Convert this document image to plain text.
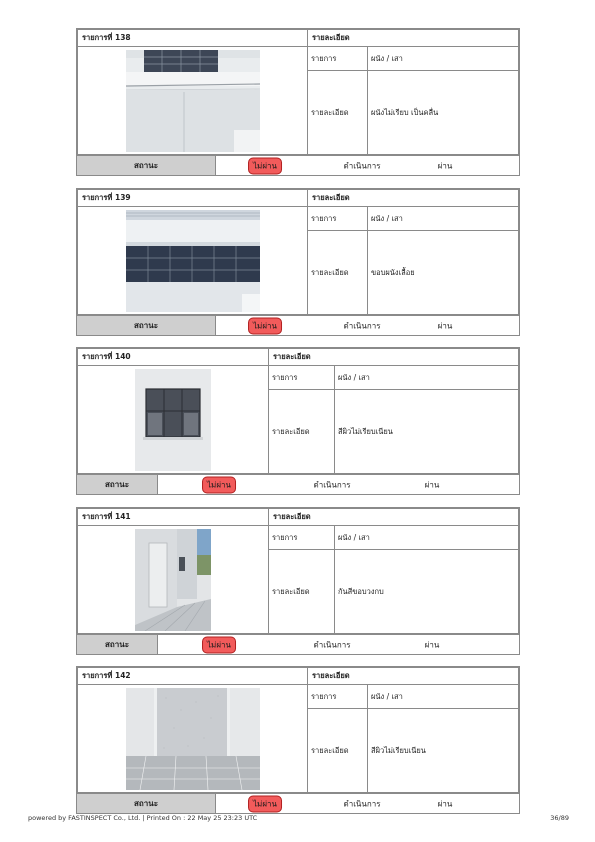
รายการที่ 138	รายละเอียด	

	รายการ	ผนัง / เสา
	รายละเอียด	ผนังไม่เรียบ เป็นคลื่น
สถานะ	ไม่ผ่าน	ดำเนินการ	ผ่าน
รายการที่ 139	รายละเอียด	

	รายการ	ผนัง / เสา
	รายละเอียด	ขอบผนังเลื้อย
สถานะ	ไม่ผ่าน	ดำเนินการ	ผ่าน
รายการที่ 140	รายละเอียด	

	รายการ	ผนัง / เสา
	รายละเอียด	สีผิวไม่เรียบเนียน
สถานะ	ไม่ผ่าน	ดำเนินการ	ผ่าน
รายการที่ 141	รายละเอียด	

	รายการ	ผนัง / เสา
	รายละเอียด	กันสีขอบวงกบ
สถานะ	ไม่ผ่าน	ดำเนินการ	ผ่าน
รายการที่ 142	รายละเอียด	

	รายการ	ผนัง / เสา
	รายละเอียด	สีผิวไม่เรียบเนียน
สถานะ	ไม่ผ่าน	ดำเนินการ	ผ่าน
powered by FASTINSPECT Co., Ltd. | Printed On : 22 May 25 23:23 UTC	36/89
